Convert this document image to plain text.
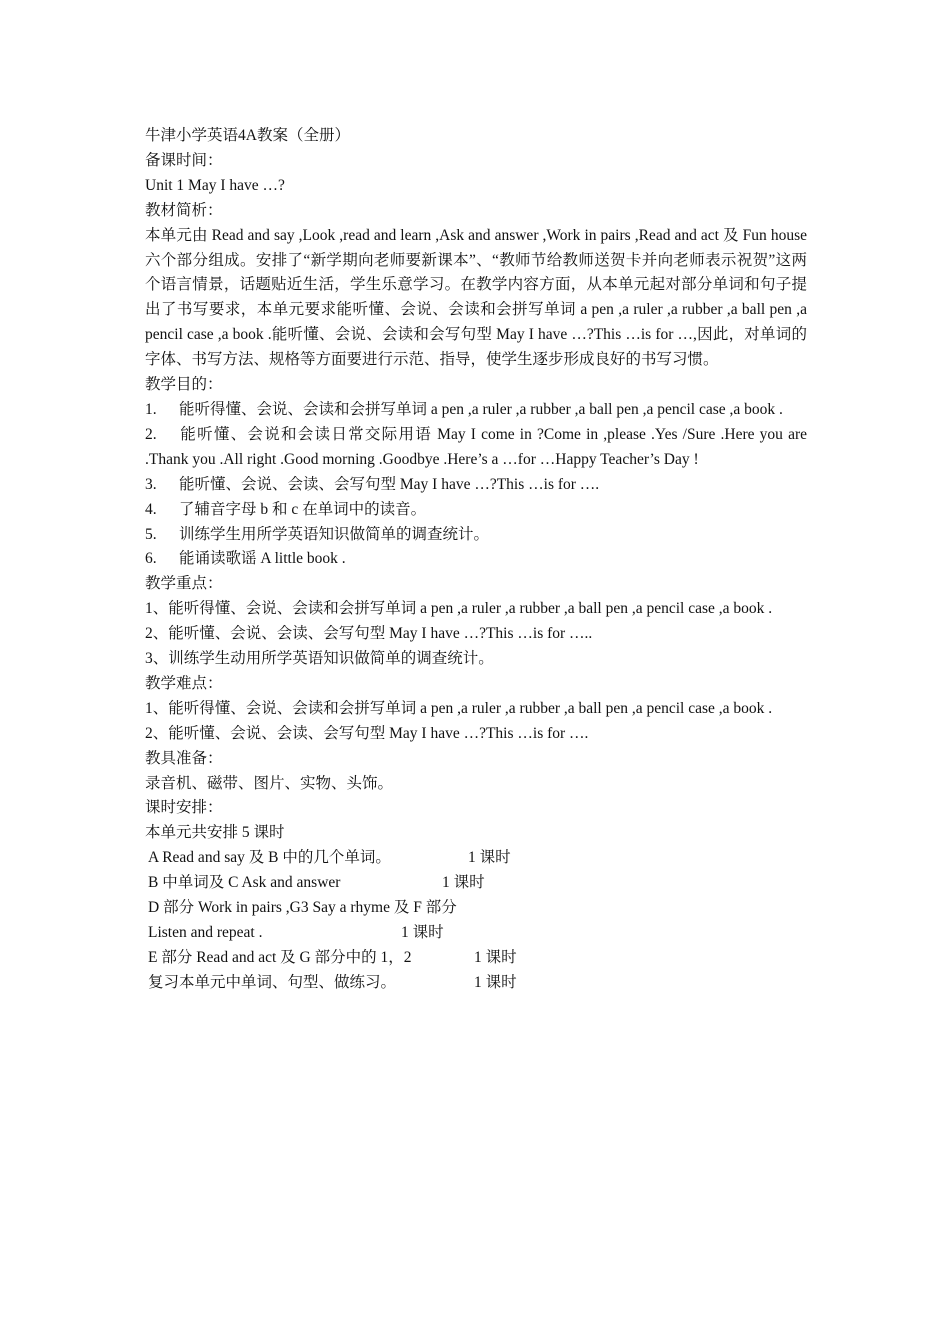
牛津小学英语4A教案（全册）
备课时间：
Unit 1 May I have …?
教材简析：
本单元由 Read and say ,Look ,read and learn ,Ask and answer ,Work in pairs ,Read and act 及 Fun house 六个部分组成。安排了“新学期向老师要新课本”、“教师节给教师送贺卡并向老师表示祝贺”这两个语言情景，话题贴近生活，学生乐意学习。在教学内容方面，从本单元起对部分单词和句子提出了书写要求，本单元要求能听懂、会说、会读和会拼写单词 a pen ,a ruler ,a rubber ,a ball pen ,a pencil case ,a book .能听懂、会说、会读和会写句型 May I have …?This …is for …,因此，对单词的字体、书写方法、规格等方面要进行示范、指导，使学生逐步形成良好的书写习惯。
教学目的：
1. 能听得懂、会说、会读和会拼写单词 a pen ,a ruler ,a rubber ,a ball pen ,a pencil case ,a book .
2. 能听懂、会说和会读日常交际用语 May I come in ?Come in ,please .Yes /Sure .Here you are .Thank you .All right .Good morning .Goodbye .Here’s a …for …Happy Teacher’s Day !
3. 能听懂、会说、会读、会写句型 May I have …?This …is for ….
4. 了辅音字母 b 和 c 在单词中的读音。
5. 训练学生用所学英语知识做简单的调查统计。
6. 能诵读歌谣 A little book .
教学重点：
1、能听得懂、会说、会读和会拼写单词 a pen ,a ruler ,a rubber ,a ball pen ,a pencil case ,a book .
2、能听懂、会说、会读、会写句型 May I have …?This …is for …..
3、训练学生动用所学英语知识做简单的调查统计。
教学难点：
1、能听得懂、会说、会读和会拼写单词 a pen ,a ruler ,a rubber ,a ball pen ,a pencil case ,a book .
2、能听懂、会说、会读、会写句型 May I have …?This …is for ….
教具准备：
录音机、磁带、图片、实物、头饰。
课时安排：
本单元共安排 5 课时
A Read and say 及 B 中的几个单词。	1 课时
B 中单词及 C Ask and answer	1 课时
D 部分 Work in pairs ,G3 Say a rhyme 及 F 部分
Listen and repeat .	1 课时
E 部分 Read and act 及 G 部分中的 1，2	1 课时
复习本单元中单词、句型、做练习。	1 课时
